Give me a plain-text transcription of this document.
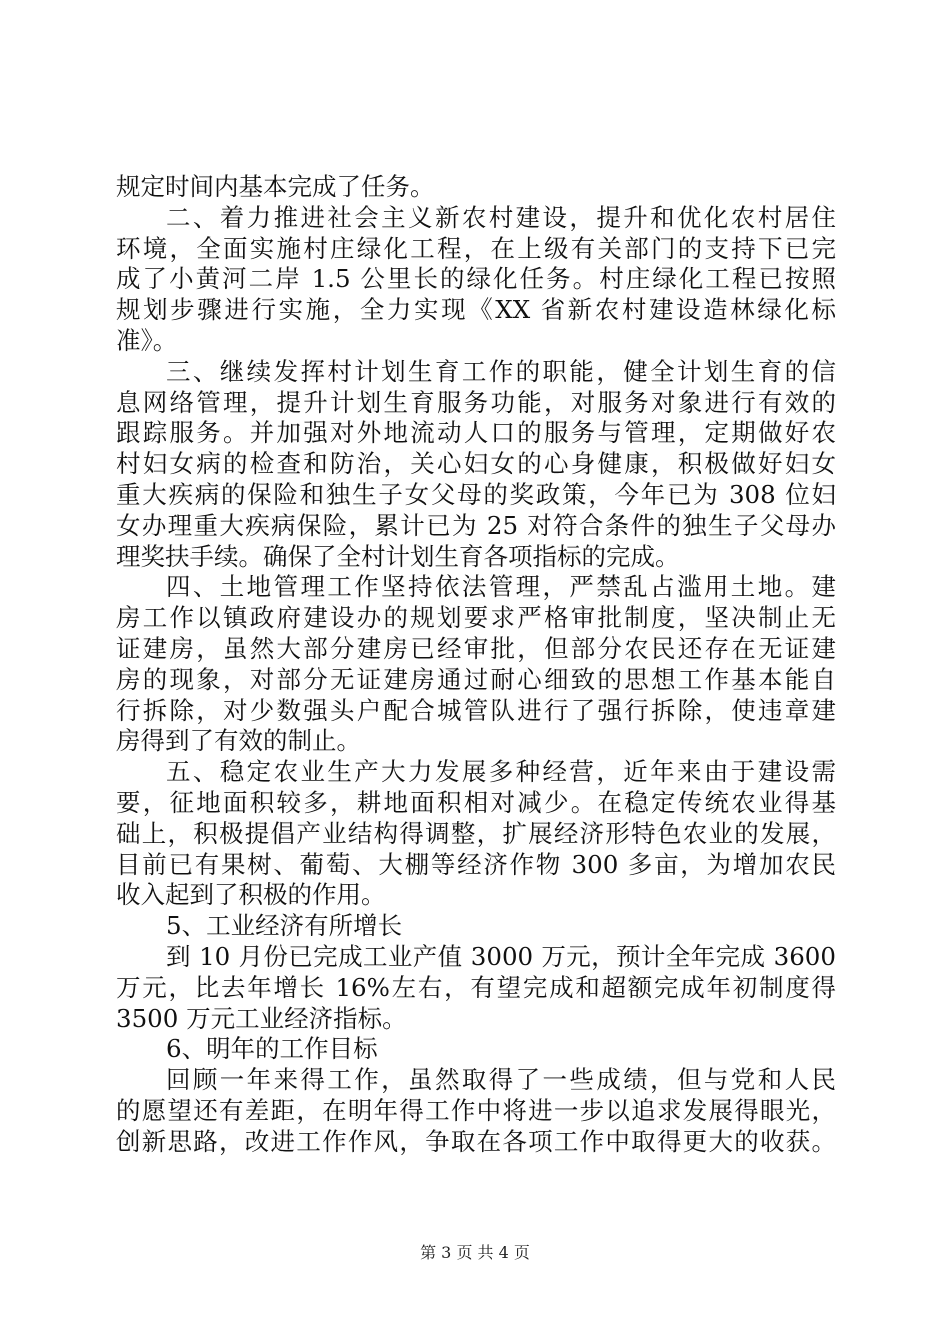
规定时间内基本完成了任务。
二、着力推进社会主义新农村建设，提升和优化农村居住
环境，全面实施村庄绿化工程，在上级有关部门的支持下已完
成了小黄河二岸 1.5 公里长的绿化任务。村庄绿化工程已按照
规划步骤进行实施，全力实现《XX 省新农村建设造林绿化标
准》。
三、继续发挥村计划生育工作的职能，健全计划生育的信
息网络管理，提升计划生育服务功能，对服务对象进行有效的
跟踪服务。并加强对外地流动人口的服务与管理，定期做好农
村妇女病的检查和防治，关心妇女的心身健康，积极做好妇女
重大疾病的保险和独生子女父母的奖政策，今年已为 308 位妇
女办理重大疾病保险，累计已为 25 对符合条件的独生子父母办
理奖扶手续。确保了全村计划生育各项指标的完成。
四、土地管理工作坚持依法管理，严禁乱占滥用土地。建
房工作以镇政府建设办的规划要求严格审批制度，坚决制止无
证建房，虽然大部分建房已经审批，但部分农民还存在无证建
房的现象，对部分无证建房通过耐心细致的思想工作基本能自
行拆除，对少数强头户配合城管队进行了强行拆除，使违章建
房得到了有效的制止。
五、稳定农业生产大力发展多种经营，近年来由于建设需
要，征地面积较多，耕地面积相对减少。在稳定传统农业得基
础上，积极提倡产业结构得调整，扩展经济形特色农业的发展，
目前已有果树、葡萄、大棚等经济作物 300 多亩，为增加农民
收入起到了积极的作用。
5、工业经济有所增长
到 10 月份已完成工业产值 3000 万元，预计全年完成 3600
万元，比去年增长 16%左右，有望完成和超额完成年初制度得
3500 万元工业经济指标。
6、明年的工作目标
回顾一年来得工作，虽然取得了一些成绩，但与党和人民
的愿望还有差距，在明年得工作中将进一步以追求发展得眼光，
创新思路，改进工作作风，争取在各项工作中取得更大的收获。
第 3 页 共 4 页
